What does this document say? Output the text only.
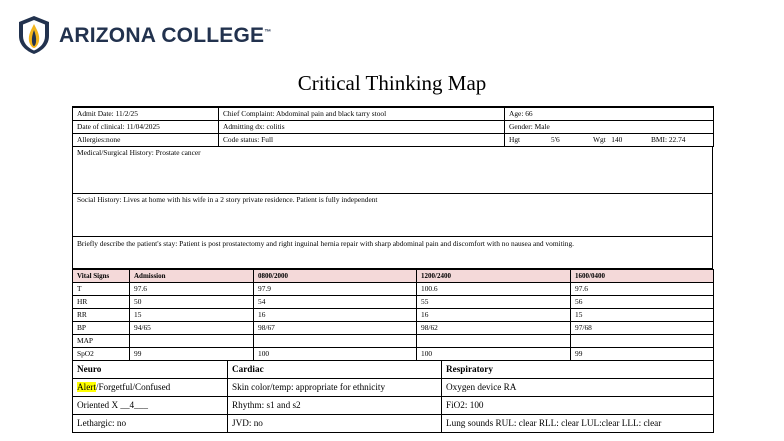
ARIZONA COLLEGE™
Critical Thinking Map
Admit Date: 11/2/25	Chief Complaint: Abdominal pain and black tarry stool	Age: 66
Date of clinical: 11/04/2025	Admitting dx: colitis	Gender: Male
Allergies:none	Code status: Full	Hgt 5'6 Wgt 140 BMI: 22.74
Medical/Surgical History: Prostate cancer
Social History: Lives at home with his wife in a 2 story private residence. Patient is fully independent
Briefly describe the patient's stay: Patient is post prostatectomy and right inguinal hernia repair with sharp abdominal pain and discomfort with no nausea and vomiting.
Vital Signs	Admission	0800/2000	1200/2400	1600/0400
T	97.6	97.9	100.6	97.6
HR	50	54	55	56
RR	15	16	16	15
BP	94/65	98/67	98/62	97/68
MAP				
SpO2	99	100	100	99
Neuro	Cardiac	Respiratory
Alert/Forgetful/Confused	Skin color/temp: appropriate for ethnicity	Oxygen device RA
Oriented X __4___	Rhythm: s1 and s2	FiO2: 100
Lethargic: no	JVD: no	Lung sounds RUL: clear RLL: clear LUL:clear LLL: clear
